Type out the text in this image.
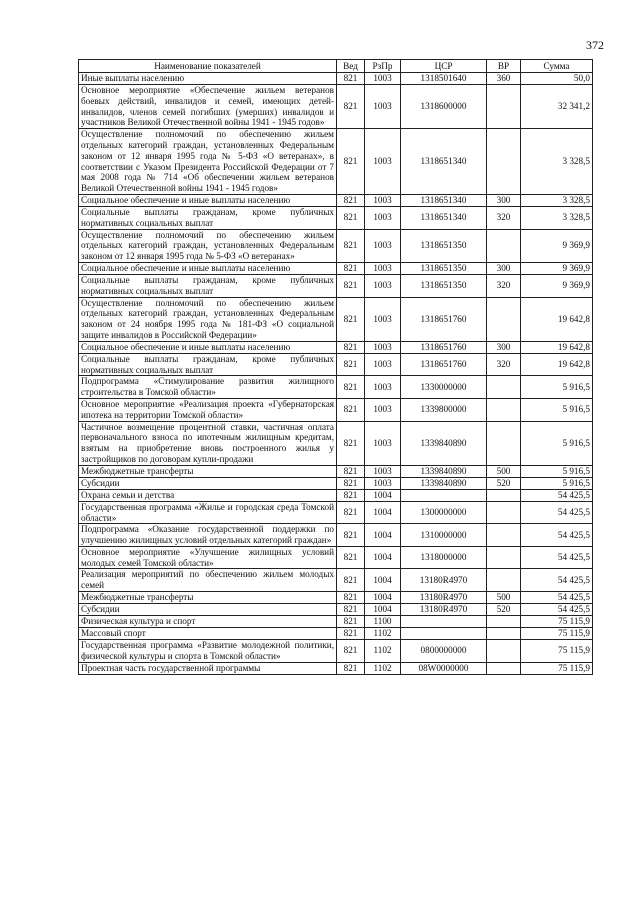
372
Наименование показателей	Вед	РзПр	ЦСР	ВР	Сумма
Иные выплаты населению	821	1003	1318501640	360	50,0
Основное мероприятие «Обеспечение жильем ветеранов боевых действий, инвалидов и семей, имеющих детей-инвалидов, членов семей погибших (умерших) инвалидов и участников Великой Отечественной войны 1941 - 1945 годов»	821	1003	1318600000		32 341,2
Осуществление полномочий по обеспечению жильем отдельных категорий граждан, установленных Федеральным законом от 12 января 1995 года № 5-ФЗ «О ветеранах», в соответствии с Указом Президента Российской Федерации от 7 мая 2008 года № 714 «Об обеспечении жильем ветеранов Великой Отечественной войны 1941 - 1945 годов»	821	1003	1318651340		3 328,5
Социальное обеспечение и иные выплаты населению	821	1003	1318651340	300	3 328,5
Социальные выплаты гражданам, кроме публичных нормативных социальных выплат	821	1003	1318651340	320	3 328,5
Осуществление полномочий по обеспечению жильем отдельных категорий граждан, установленных Федеральным законом от 12 января 1995 года № 5-ФЗ «О ветеранах»	821	1003	1318651350		9 369,9
Социальное обеспечение и иные выплаты населению	821	1003	1318651350	300	9 369,9
Социальные выплаты гражданам, кроме публичных нормативных социальных выплат	821	1003	1318651350	320	9 369,9
Осуществление полномочий по обеспечению жильем отдельных категорий граждан, установленных Федеральным законом от 24 ноября 1995 года № 181-ФЗ «О социальной защите инвалидов в Российской Федерации»	821	1003	1318651760		19 642,8
Социальное обеспечение и иные выплаты населению	821	1003	1318651760	300	19 642,8
Социальные выплаты гражданам, кроме публичных нормативных социальных выплат	821	1003	1318651760	320	19 642,8
Подпрограмма «Стимулирование развития жилищного строительства в Томской области»	821	1003	1330000000		5 916,5
Основное мероприятие «Реализация проекта «Губернаторская ипотека на территории Томской области»	821	1003	1339800000		5 916,5
Частичное возмещение процентной ставки, частичная оплата первоначального взноса по ипотечным жилищным кредитам, взятым на приобретение вновь построенного жилья у застройщиков по договорам купли-продажи	821	1003	1339840890		5 916,5
Межбюджетные трансферты	821	1003	1339840890	500	5 916,5
Субсидии	821	1003	1339840890	520	5 916,5
Охрана семьи и детства	821	1004			54 425,5
Государственная программа «Жилье и городская среда Томской области»	821	1004	1300000000		54 425,5
Подпрограмма «Оказание государственной поддержки по улучшению жилищных условий отдельных категорий граждан»	821	1004	1310000000		54 425,5
Основное мероприятие «Улучшение жилищных условий молодых семей Томской области»	821	1004	1318000000		54 425,5
Реализация мероприятий по обеспечению жильем молодых семей	821	1004	13180R4970		54 425,5
Межбюджетные трансферты	821	1004	13180R4970	500	54 425,5
Субсидии	821	1004	13180R4970	520	54 425,5
Физическая культура и спорт	821	1100			75 115,9
Массовый спорт	821	1102			75 115,9
Государственная программа «Развитие молодежной политики, физической культуры и спорта в Томской области»	821	1102	0800000000		75 115,9
Проектная часть государственной программы	821	1102	08W0000000		75 115,9
